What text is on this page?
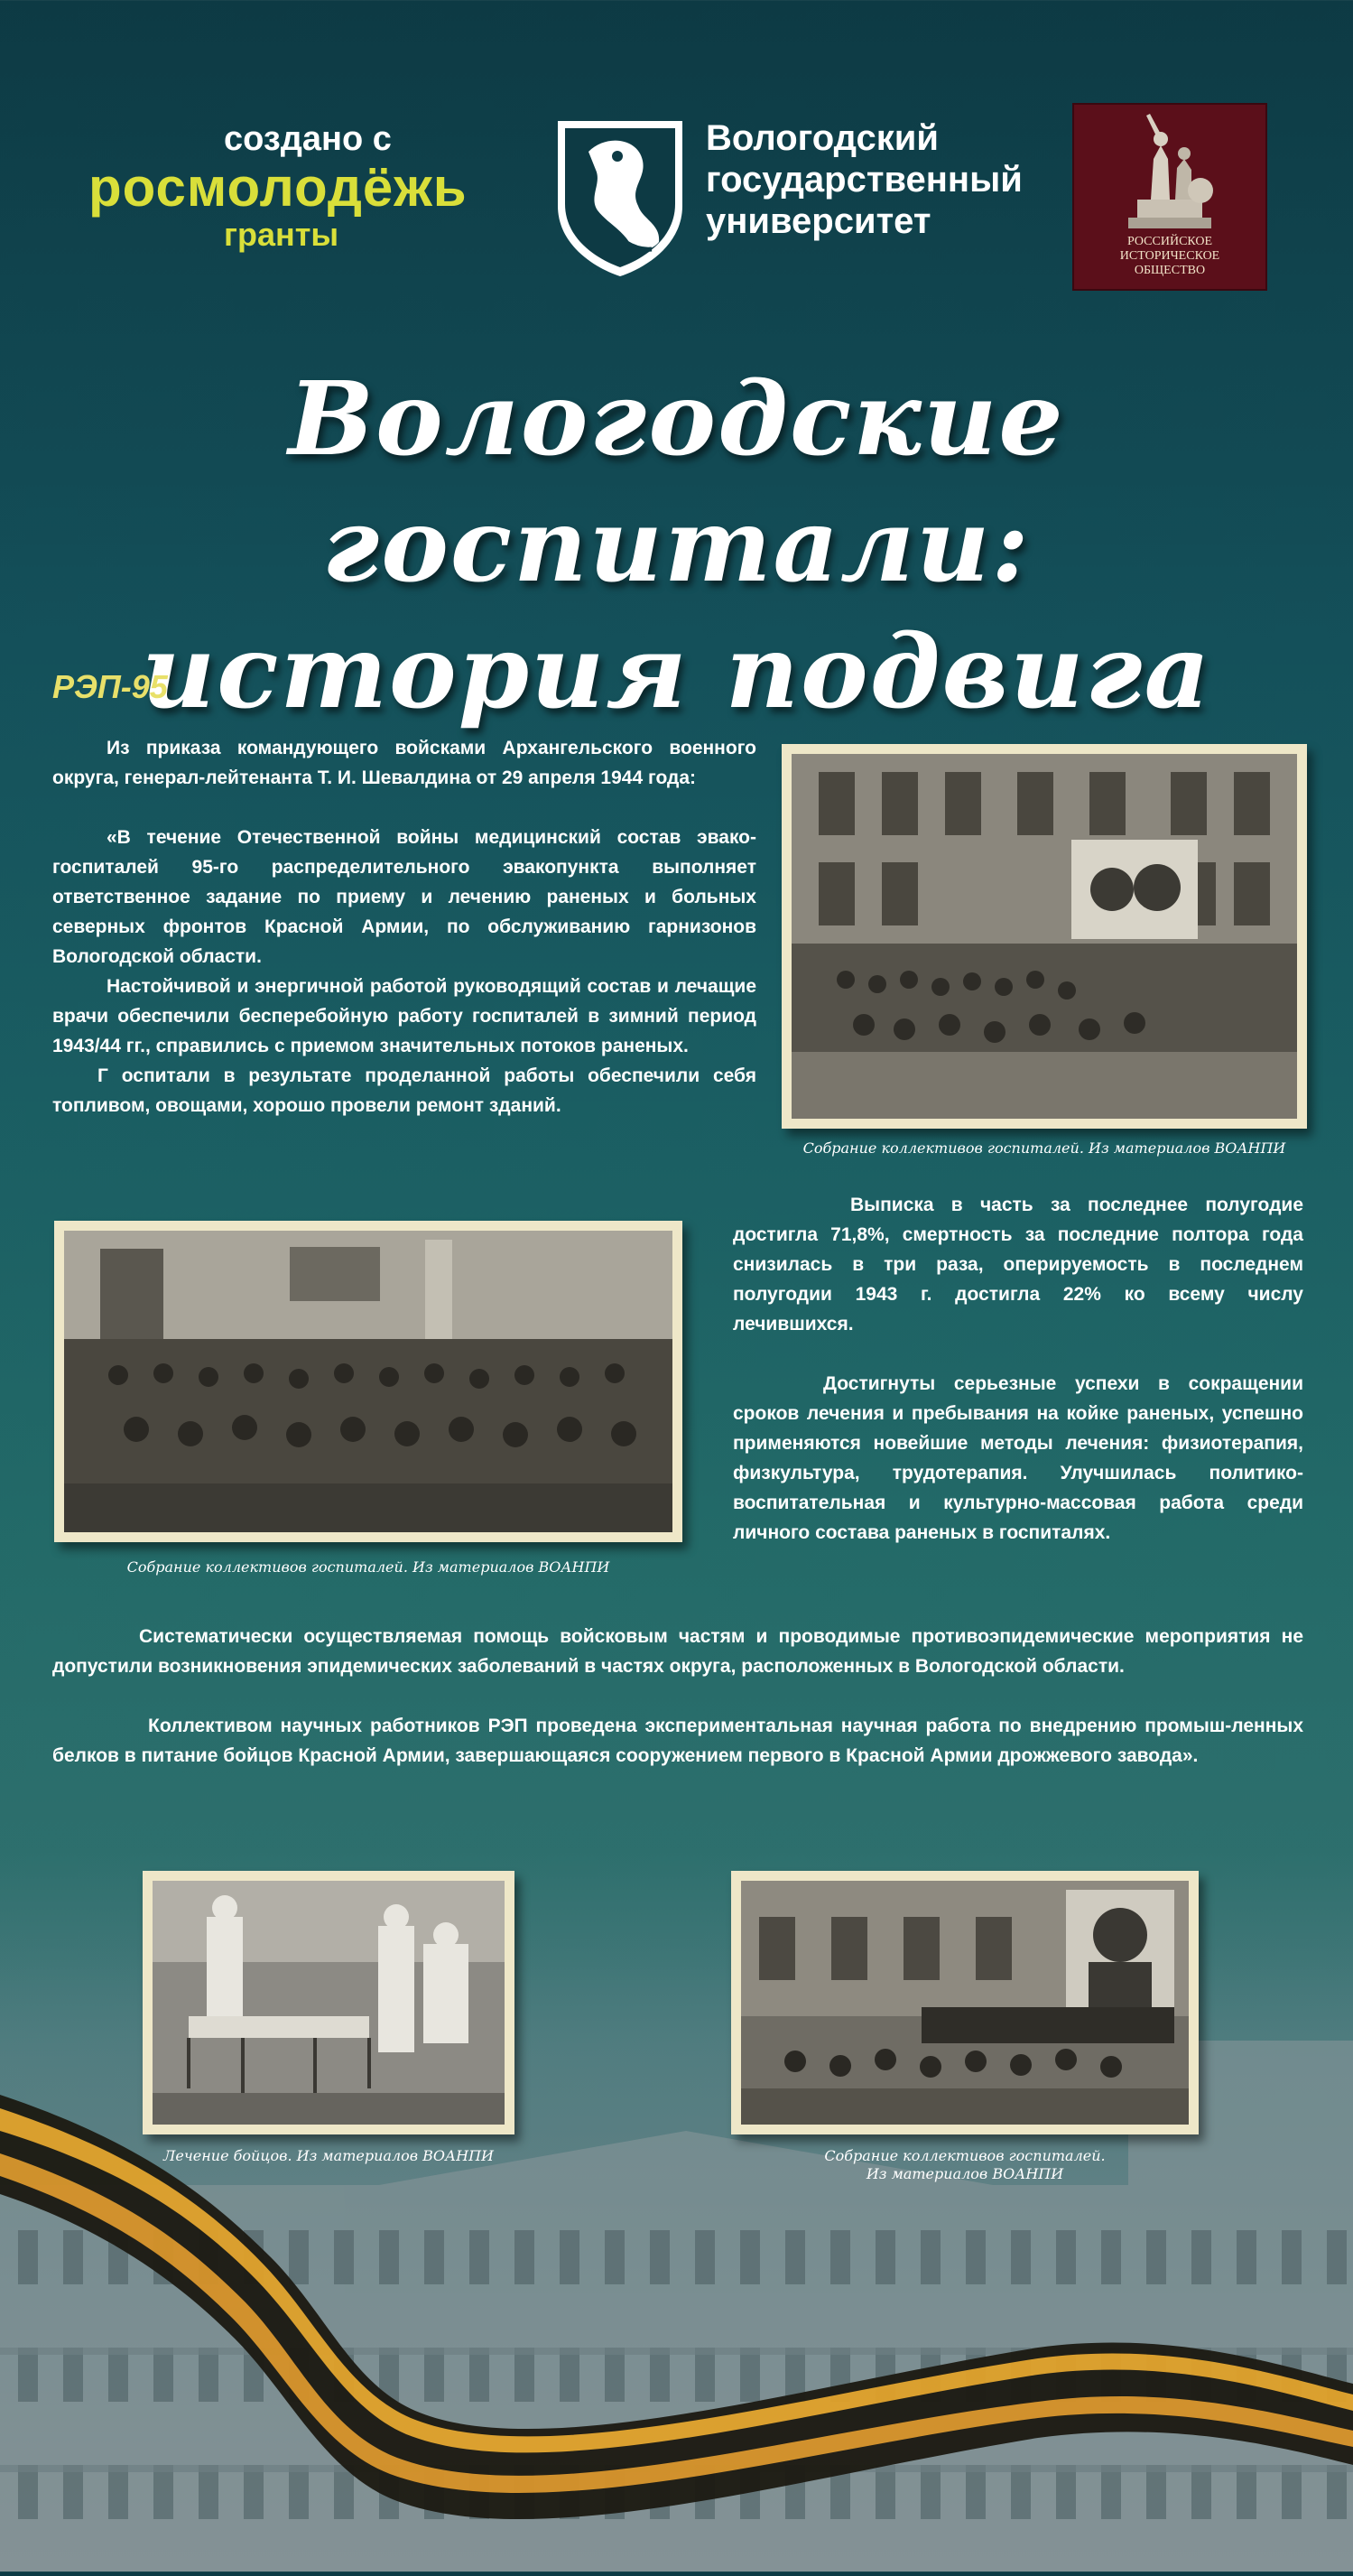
создано с
росмолодёжь
гранты
Вологодский
государственный
университет
РОССИЙСКОЕ
ИСТОРИЧЕСКОЕ
ОБЩЕСТВО
Вологодские госпитали:
история подвига
РЭП-95

Из приказа командующего войсками Архангельского военного округа, генерал-лейтенанта Т. И. Шевалдина от 29 апреля 1944 года:

«В течение Отечественной войны медицинский состав эвако-госпиталей 95-го распределительного эвакопункта выполняет ответственное задание по приему и лечению раненых и больных северных фронтов Красной Армии, по обслуживанию гарнизонов Вологодской области.

Настойчивой и энергичной работой руководящий состав и лечащие врачи обеспечили бесперебойную работу госпиталей в зимний период 1943/44 гг., справились с приемом значительных потоков раненых.

Г оспитали в результате проделанной работы обеспечили себя топливом, овощами, хорошо провели ремонт зданий.

Собрание коллективов госпиталей. Из материалов ВОАНПИ
Собрание коллективов госпиталей. Из материалов ВОАНПИ

Выписка в часть за последнее полугодие достигла 71,8%, смертность за последние полтора года снизилась в три раза, оперируемость в последнем полугодии 1943 г. достигла 22% ко всему числу лечившихся.

Достигнуты серьезные успехи в сокращении сроков лечения и пребывания на койке раненых, успешно применяются новейшие методы лечения: физиотерапия, физкультура, трудотерапия. Улучшилась политико-воспитательная и культурно-массовая работа среди личного состава раненых в госпиталях.

Систематически осуществляемая помощь войсковым частям и проводимые противоэпидемические мероприятия не допустили возникновения эпидемических заболеваний в частях округа, расположенных в Вологодской области.

Коллективом научных работников РЭП проведена экспериментальная научная работа по внедрению промыш-ленных белков в питание бойцов Красной Армии, завершающаяся сооружением первого в Красной Армии дрожжевого завода».

Лечение бойцов. Из материалов ВОАНПИ	Собрание коллективов госпиталей.
Из материалов ВОАНПИ
